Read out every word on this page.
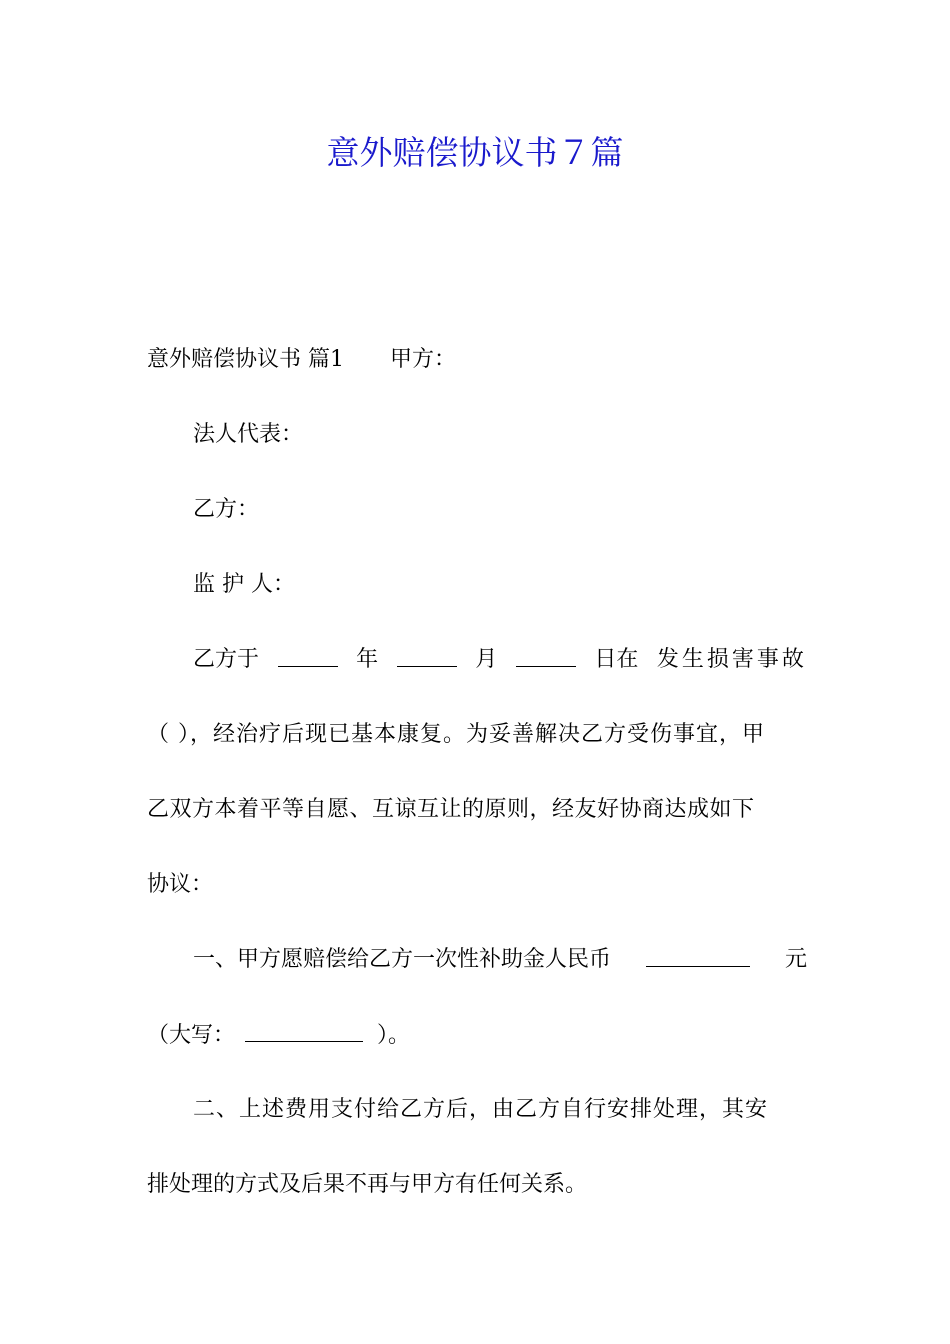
意外赔偿协议书７篇
意外赔偿协议书 篇1 甲方：
法人代表：
乙方：
监 护 人：
乙方于	年	月	日在 发生损害事故
（ ），经治疗后现已基本康复。为妥善解决乙方受伤事宜，甲
乙双方本着平等自愿、互谅互让的原则，经友好协商达成如下
协议：
一、甲方愿赔偿给乙方一次性补助金人民币	元
（大写：	）。
二、上述费用支付给乙方后，由乙方自行安排处理，其安
排处理的方式及后果不再与甲方有任何关系。
